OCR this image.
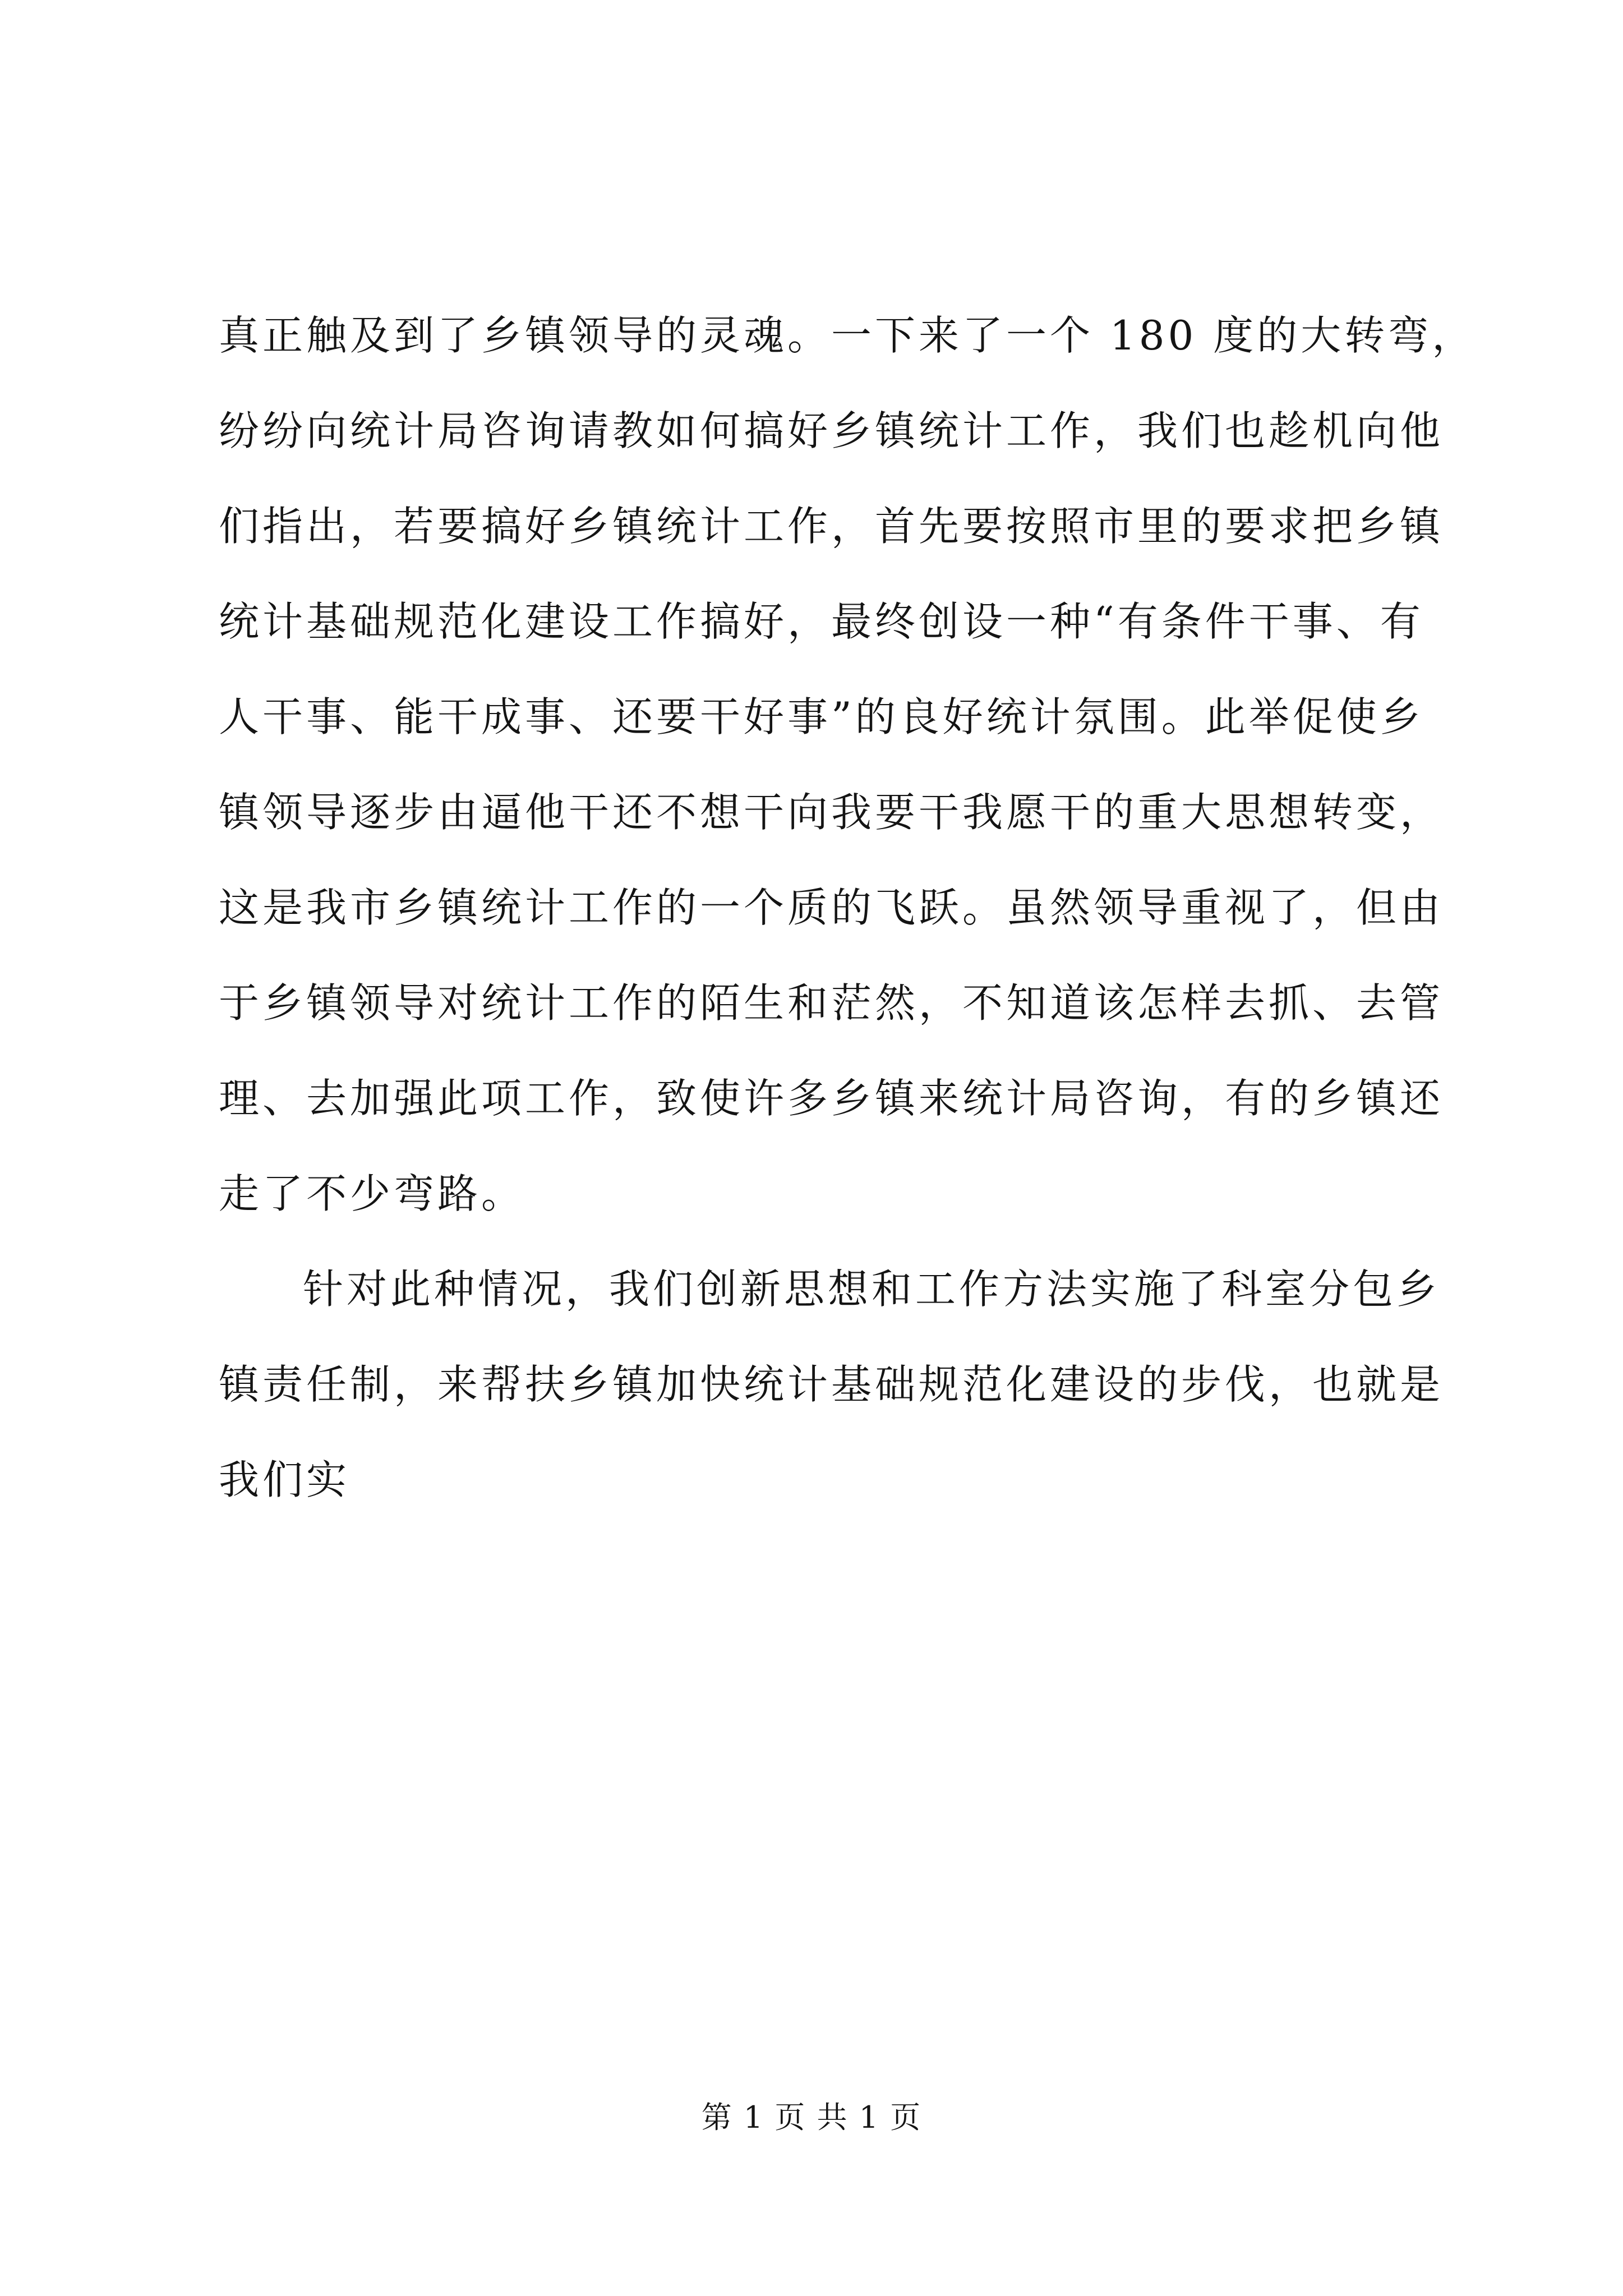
真正触及到了乡镇领导的灵魂。一下来了一个 180 度的大转弯，
纷纷向统计局咨询请教如何搞好乡镇统计工作，我们也趁机向他
们指出，若要搞好乡镇统计工作，首先要按照市里的要求把乡镇
统计基础规范化建设工作搞好，最终创设一种“有条件干事、有
人干事、能干成事、还要干好事”的良好统计氛围。此举促使乡
镇领导逐步由逼他干还不想干向我要干我愿干的重大思想转变，
这是我市乡镇统计工作的一个质的飞跃。虽然领导重视了，但由
于乡镇领导对统计工作的陌生和茫然，不知道该怎样去抓、去管
理、去加强此项工作，致使许多乡镇来统计局咨询，有的乡镇还
走了不少弯路。
针对此种情况，我们创新思想和工作方法实施了科室分包乡
镇责任制，来帮扶乡镇加快统计基础规范化建设的步伐，也就是
我们实
第 1 页 共 1 页
